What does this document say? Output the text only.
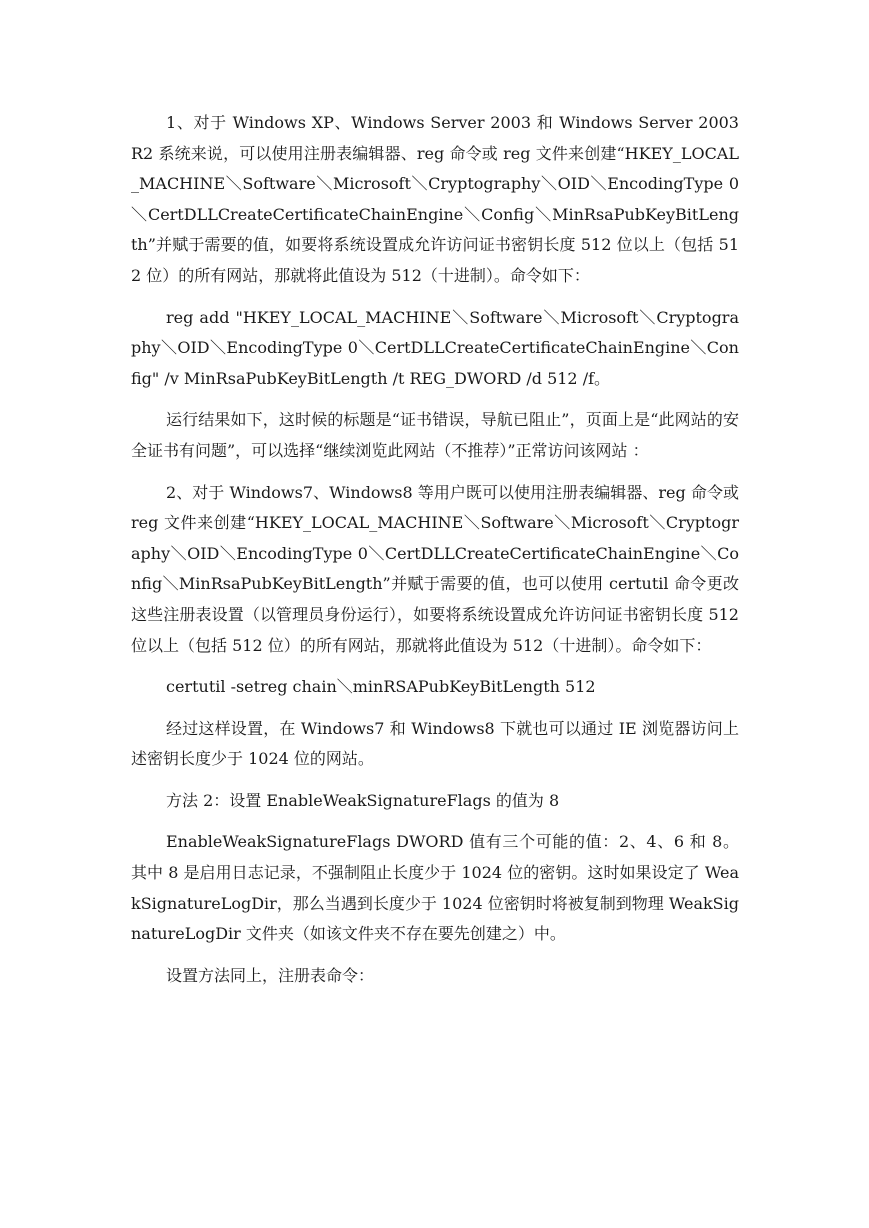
1、对于 Windows XP、Windows Server 2003 和 Windows Server 2003 R2 系统来说，可以使用注册表编辑器、reg 命令或 reg 文件来创建“HKEY_LOCAL_MACHINE＼Software＼Microsoft＼Cryptography＼OID＼EncodingType 0＼CertDLLCreateCertificateChainEngine＼Config＼MinRsaPubKeyBitLength”并赋于需要的值，如要将系统设置成允许访问证书密钥长度 512 位以上（包括 512 位）的所有网站，那就将此值设为 512（十进制）。命令如下：

reg add "HKEY_LOCAL_MACHINE＼Software＼Microsoft＼Cryptography＼OID＼EncodingType 0＼CertDLLCreateCertificateChainEngine＼Config" /v MinRsaPubKeyBitLength /t REG_DWORD /d 512 /f。

运行结果如下，这时候的标题是“证书错误，导航已阻止”，页面上是“此网站的安全证书有问题”，可以选择“继续浏览此网站（不推荐）”正常访问该网站 ：

2、对于 Windows7、Windows8 等用户既可以使用注册表编辑器、reg 命令或 reg 文件来创建“HKEY_LOCAL_MACHINE＼Software＼Microsoft＼Cryptography＼OID＼EncodingType 0＼CertDLLCreateCertificateChainEngine＼Config＼MinRsaPubKeyBitLength”并赋于需要的值，也可以使用 certutil 命令更改这些注册表设置（以管理员身份运行），如要将系统设置成允许访问证书密钥长度 512 位以上（包括 512 位）的所有网站，那就将此值设为 512（十进制）。命令如下：

certutil -setreg chain＼minRSAPubKeyBitLength 512

经过这样设置，在 Windows7 和 Windows8 下就也可以通过 IE 浏览器访问上述密钥长度少于 1024 位的网站。

方法 2：设置 EnableWeakSignatureFlags 的值为 8

EnableWeakSignatureFlags DWORD 值有三个可能的值：2、4、6 和 8。其中 8 是启用日志记录，不强制阻止长度少于 1024 位的密钥。这时如果设定了 WeakSignatureLogDir，那么当遇到长度少于 1024 位密钥时将被复制到物理 WeakSignatureLogDir 文件夹（如该文件夹不存在要先创建之）中。

设置方法同上，注册表命令：
